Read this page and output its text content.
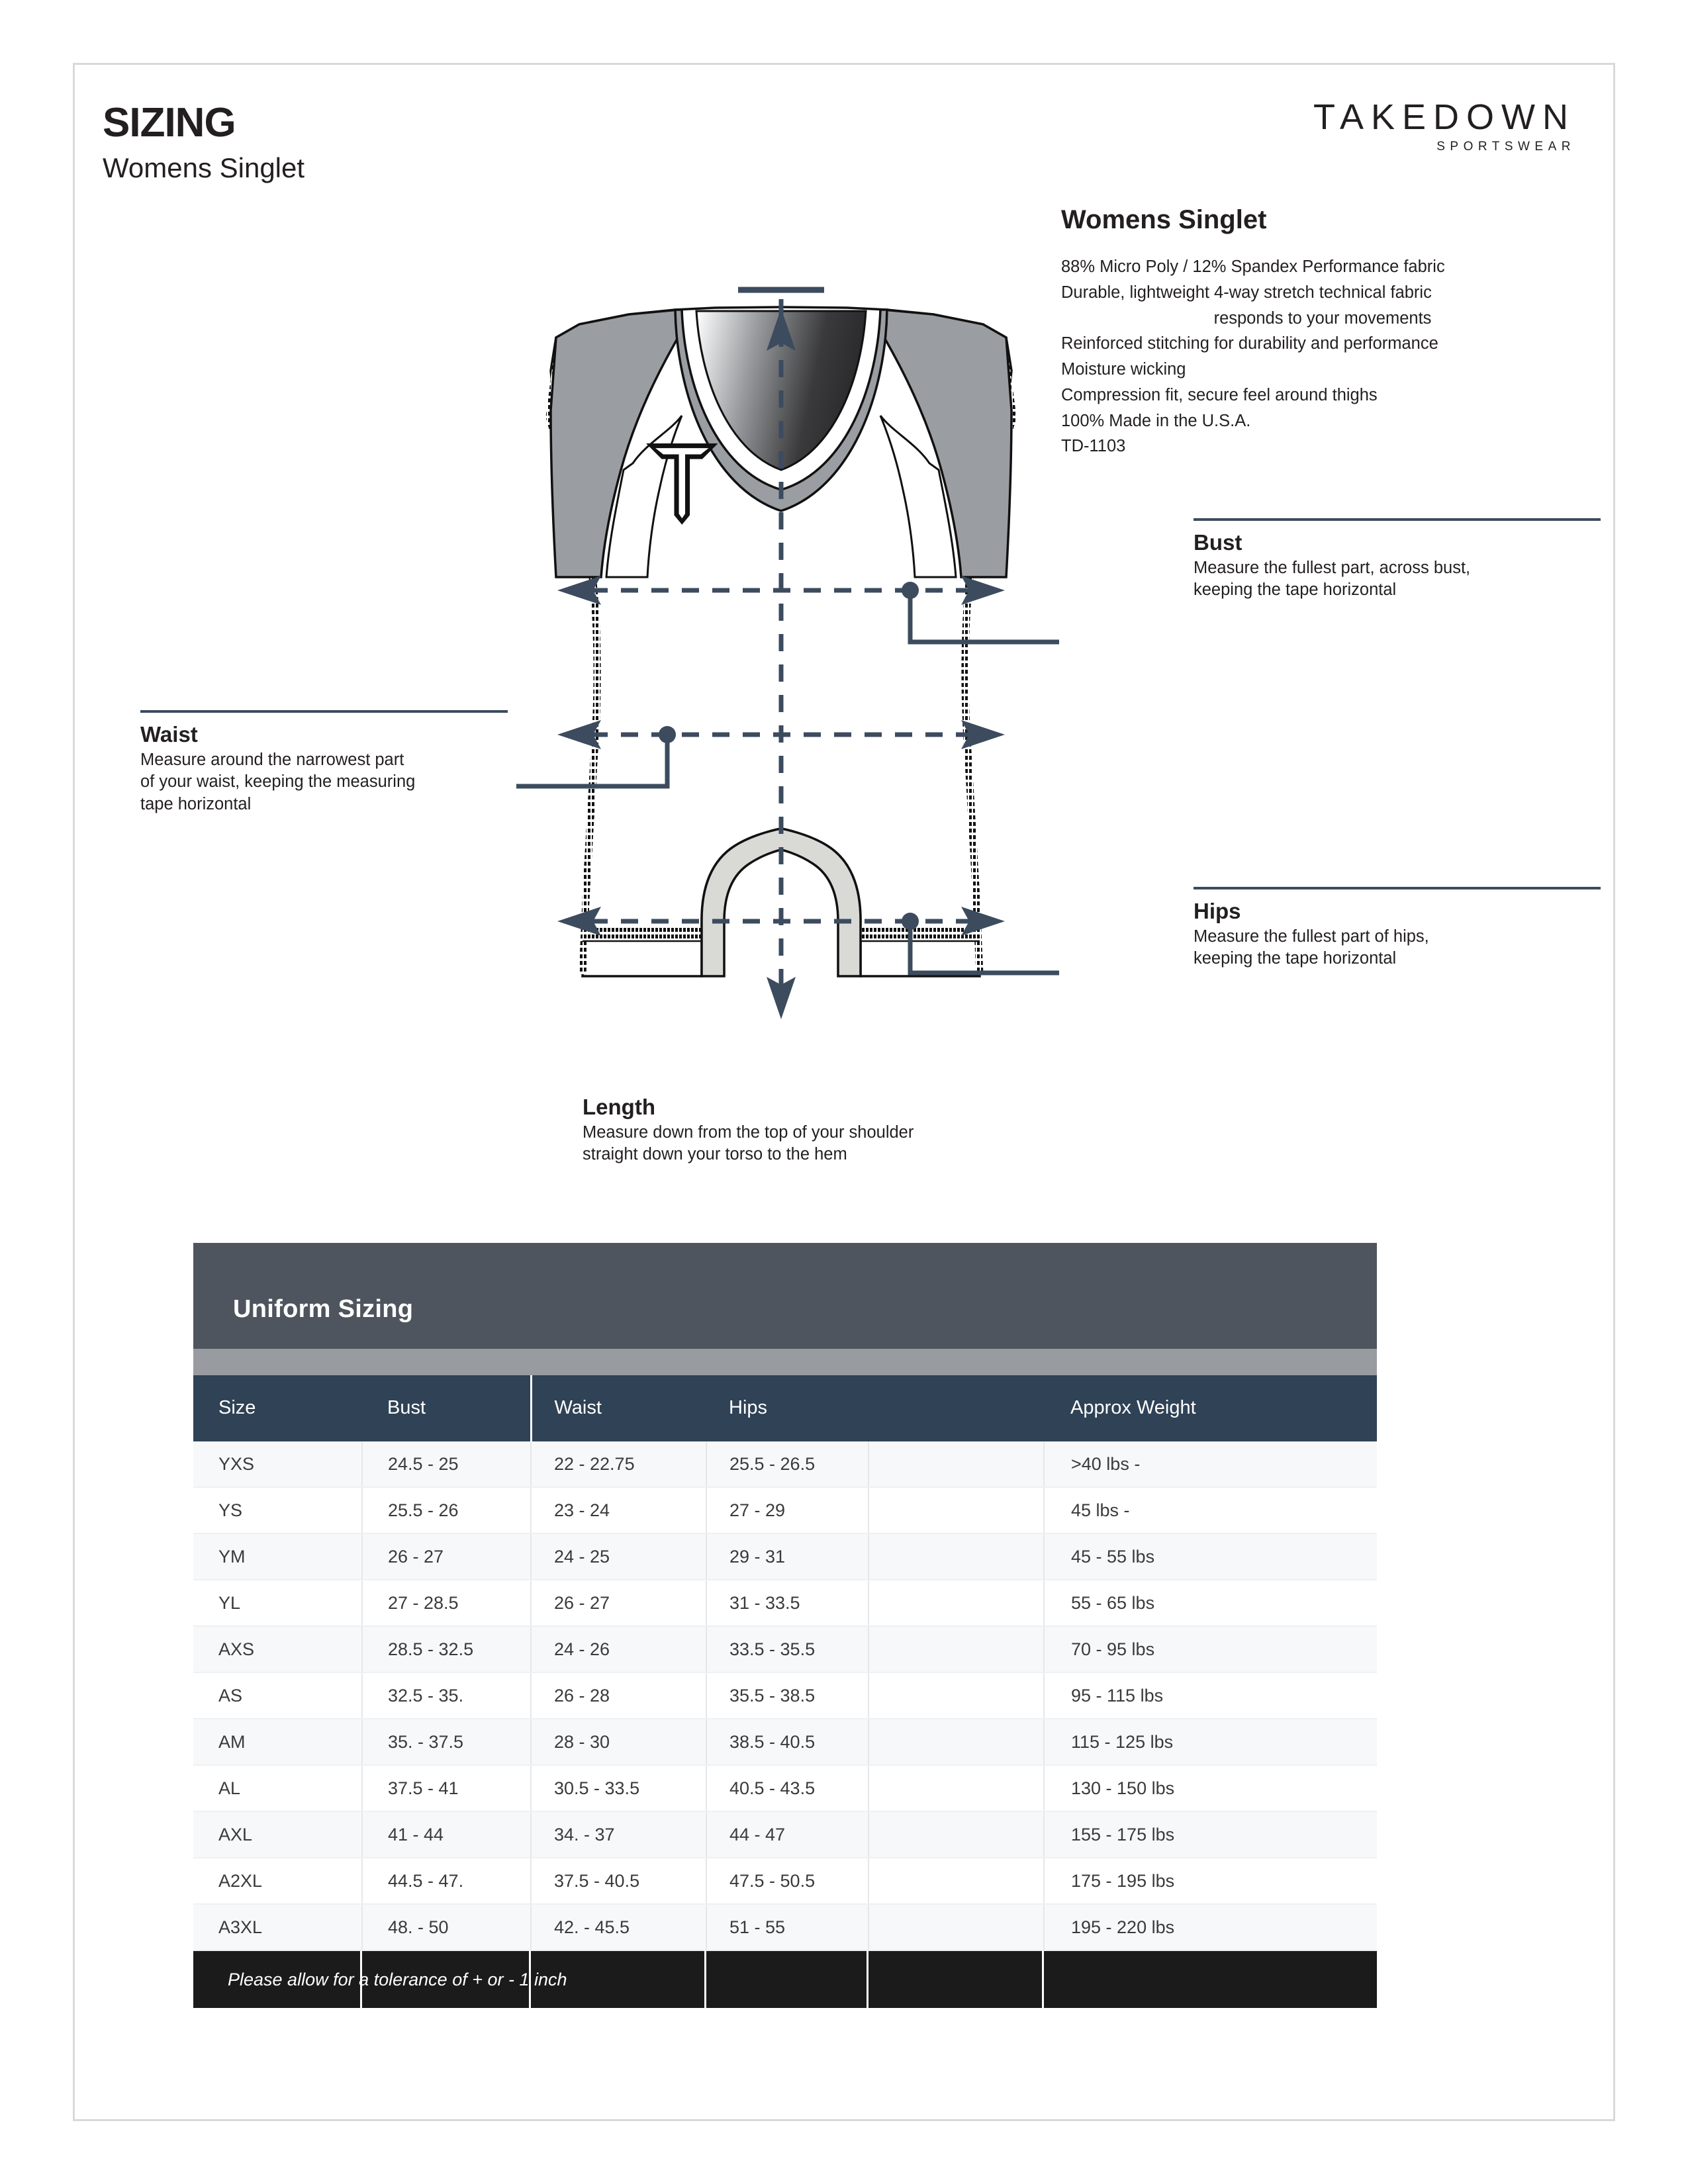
SIZING
Womens Singlet
TAKEDOWN
SPORTSWEAR
Womens Singlet
88% Micro Poly / 12% Spandex Performance fabric
Durable, lightweight 4-way stretch technical fabric
responds to your movements
Reinforced stitching for durability and performance
Moisture wicking
Compression fit, secure feel around thighs
100% Made in the U.S.A.
TD-1103
Bust

Measure the fullest part, across bust,

keeping the tape horizontal

Waist

Measure around the narrowest part

of your waist, keeping the measuring

tape horizontal

Hips

Measure the fullest part of hips,

keeping the tape horizontal

Length

Measure down from the top of your shoulder

straight down your torso to the hem

Uniform Sizing
Size	Bust	Waist	Hips		Approx Weight
YXS	24.5 - 25	22 - 22.75	25.5 - 26.5		>40 lbs -
YS	25.5 - 26	23 - 24	27 - 29		45 lbs -
YM	26 - 27	24 - 25	29 - 31		45 - 55 lbs
YL	27 - 28.5	26 - 27	31 - 33.5		55 - 65 lbs
AXS	28.5 - 32.5	24 - 26	33.5 - 35.5		70 - 95 lbs
AS	32.5 - 35.	26 - 28	35.5 - 38.5		95 - 115 lbs
AM	35. - 37.5	28 - 30	38.5 - 40.5		115 - 125 lbs
AL	37.5 - 41	30.5 - 33.5	40.5 - 43.5		130 - 150 lbs
AXL	41 - 44	34. - 37	44 - 47		155 - 175 lbs
A2XL	44.5 - 47.	37.5 - 40.5	47.5 - 50.5		175 - 195 lbs
A3XL	48. - 50	42. - 45.5	51 - 55		195 - 220 lbs
Please allow for a tolerance of + or - 1 inch
